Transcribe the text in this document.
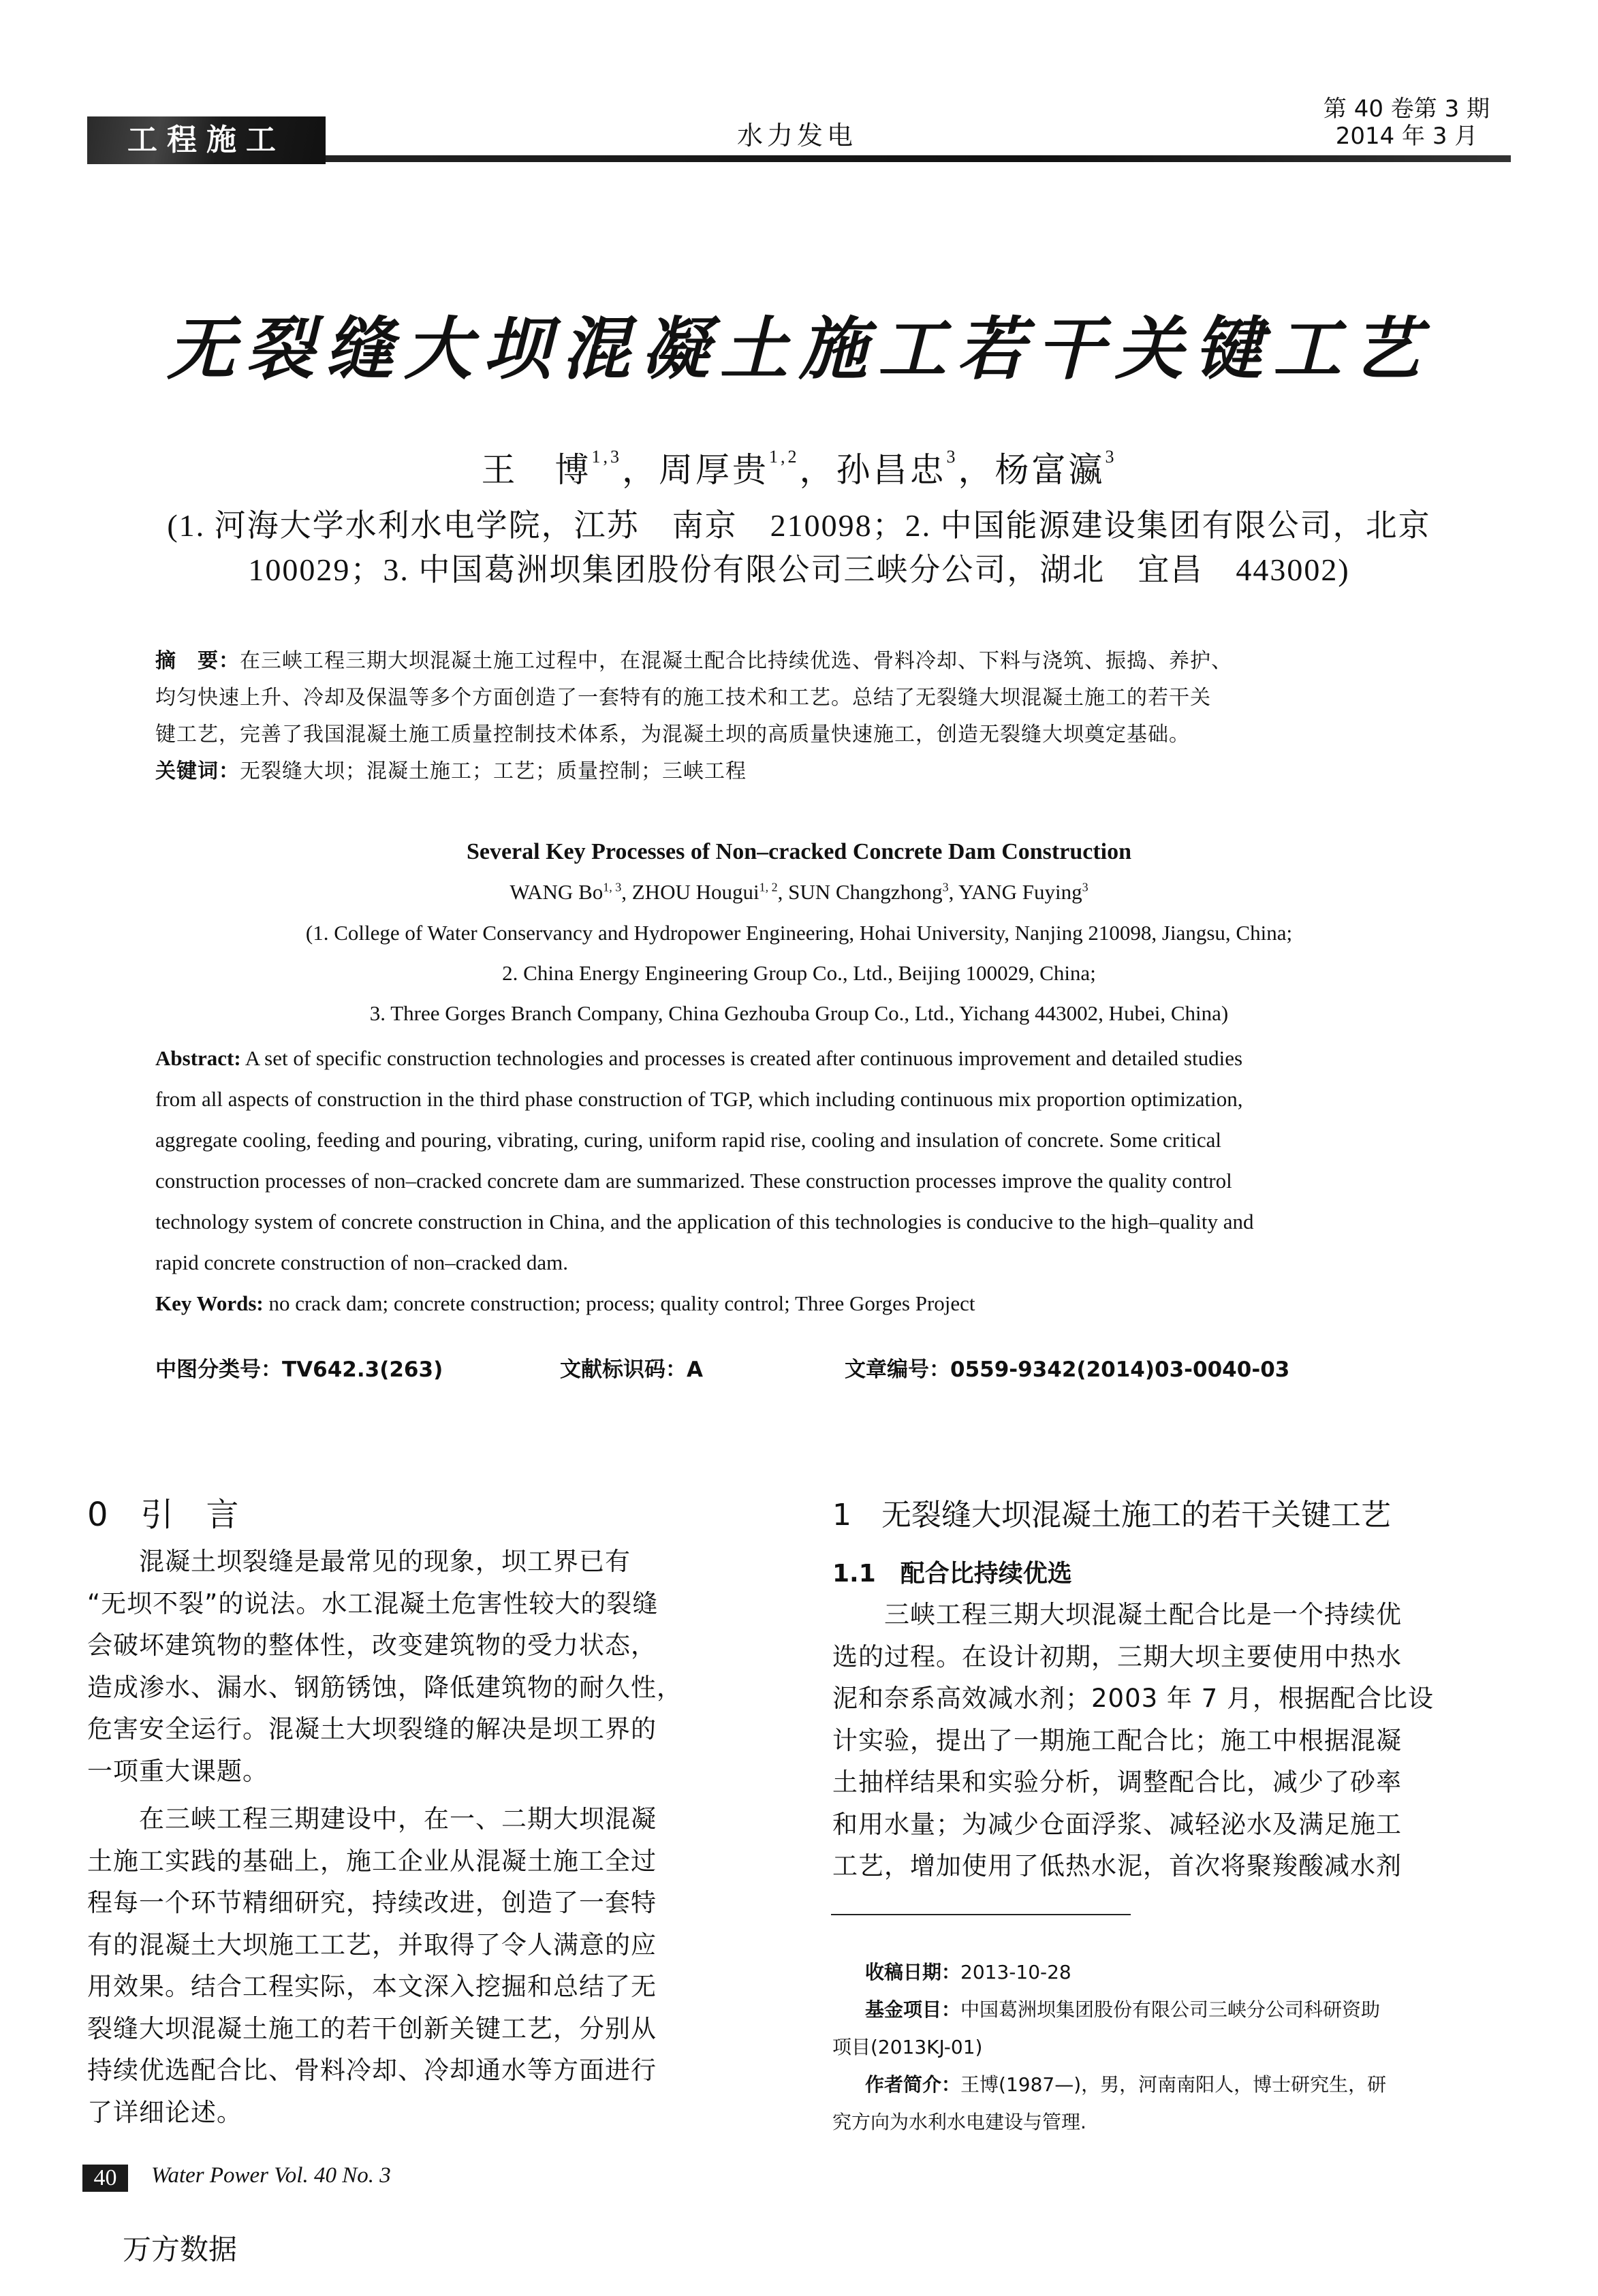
工程施工	水力发电
第 40 卷第 3 期
2014 年 3 月
无裂缝大坝混凝土施工若干关键工艺
王　博$^{1,3}$，周厚贵$^{1,2}$，孙昌忠$^3$，杨富瀛$^3$
(1. 河海大学水利水电学院，江苏　南京　210098；2. 中国能源建设集团有限公司，北京
100029；3. 中国葛洲坝集团股份有限公司三峡分公司，湖北　宜昌　443002)
摘　要：在三峡工程三期大坝混凝土施工过程中，在混凝土配合比持续优选、骨料冷却、下料与浇筑、振捣、养护、
均匀快速上升、冷却及保温等多个方面创造了一套特有的施工技术和工艺。总结了无裂缝大坝混凝土施工的若干关
键工艺，完善了我国混凝土施工质量控制技术体系，为混凝土坝的高质量快速施工，创造无裂缝大坝奠定基础。
关键词：无裂缝大坝；混凝土施工；工艺；质量控制；三峡工程
Several Key Processes of Non–cracked Concrete Dam Construction
WANG Bo$^{1, 3}$, ZHOU Hougui$^{1, 2}$, SUN Changzhong$^3$, YANG Fuying$^3$
(1. College of Water Conservancy and Hydropower Engineering, Hohai University, Nanjing 210098, Jiangsu, China;
2. China Energy Engineering Group Co., Ltd., Beijing 100029, China;
3. Three Gorges Branch Company, China Gezhouba Group Co., Ltd., Yichang 443002, Hubei, China)
Abstract: A set of specific construction technologies and processes is created after continuous improvement and detailed studies
from all aspects of construction in the third phase construction of TGP, which including continuous mix proportion optimization,
aggregate cooling, feeding and pouring, vibrating, curing, uniform rapid rise, cooling and insulation of concrete. Some critical
construction processes of non–cracked concrete dam are summarized. These construction processes improve the quality control
technology system of concrete construction in China, and the application of this technologies is conducive to the high–quality and
rapid concrete construction of non–cracked dam.
Key Words: no crack dam; concrete construction; process; quality control; Three Gorges Project
中图分类号：TV642.3(263)	文献标识码：A	文章编号：0559-9342(2014)03-0040-03
0　引　言
　　混凝土坝裂缝是最常见的现象，坝工界已有
“无坝不裂”的说法。水工混凝土危害性较大的裂缝
会破坏建筑物的整体性，改变建筑物的受力状态，
造成渗水、漏水、钢筋锈蚀，降低建筑物的耐久性，
危害安全运行。混凝土大坝裂缝的解决是坝工界的
一项重大课题。
　　在三峡工程三期建设中，在一、二期大坝混凝
土施工实践的基础上，施工企业从混凝土施工全过
程每一个环节精细研究，持续改进，创造了一套特
有的混凝土大坝施工工艺，并取得了令人满意的应
用效果。结合工程实际，本文深入挖掘和总结了无
裂缝大坝混凝土施工的若干创新关键工艺，分别从
持续优选配合比、骨料冷却、冷却通水等方面进行
了详细论述。
1　无裂缝大坝混凝土施工的若干关键工艺
1.1　配合比持续优选
　　三峡工程三期大坝混凝土配合比是一个持续优
选的过程。在设计初期，三期大坝主要使用中热水
泥和奈系高效减水剂；2003 年 7 月，根据配合比设
计实验，提出了一期施工配合比；施工中根据混凝
土抽样结果和实验分析，调整配合比，减少了砂率
和用水量；为减少仓面浮浆、减轻泌水及满足施工
工艺，增加使用了低热水泥，首次将聚羧酸减水剂
收稿日期：2013-10-28
基金项目：中国葛洲坝集团股份有限公司三峡分公司科研资助
项目(2013KJ-01)
作者简介：王博(1987—)，男，河南南阳人，博士研究生，研
究方向为水利水电建设与管理.
40	Water Power Vol. 40 No. 3
万方数据
